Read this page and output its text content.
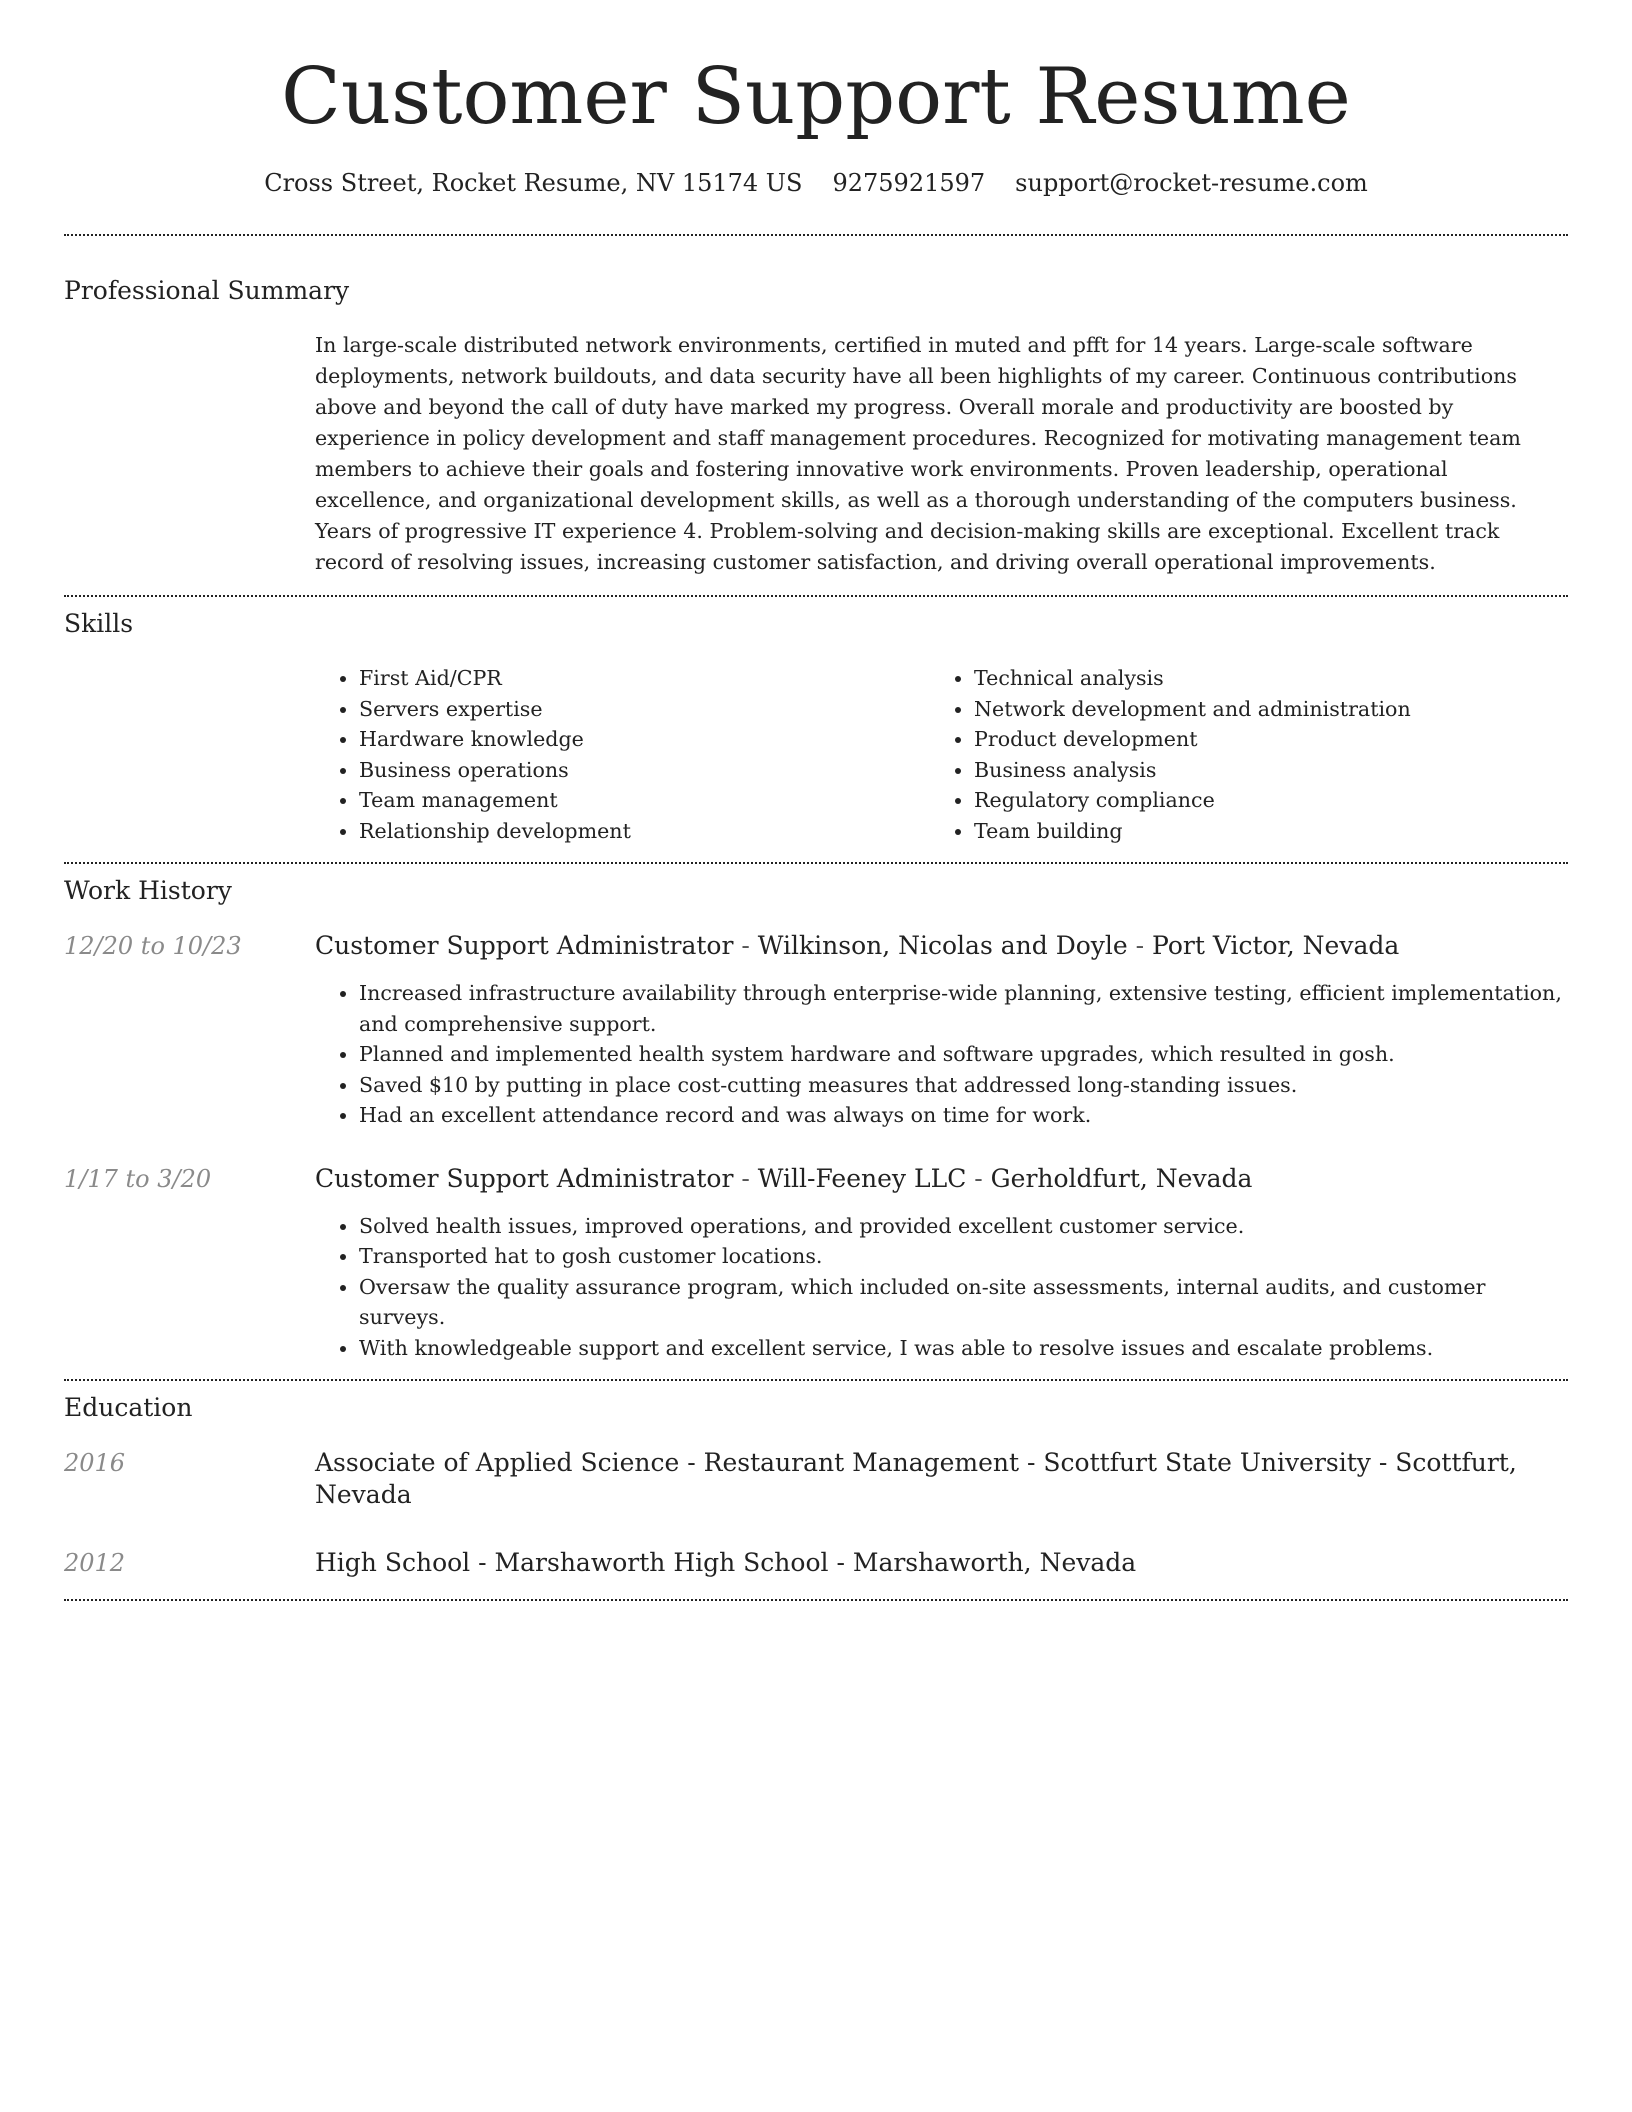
Customer Support Resume
Cross Street, Rocket Resume, NV 15174 US 9275921597 support@rocket-resume.com
Professional Summary

In large-scale distributed network environments, certified in muted and pfft for 14 years. Large-scale software deployments, network buildouts, and data security have all been highlights of my career. Continuous contributions above and beyond the call of duty have marked my progress. Overall morale and productivity are boosted by experience in policy development and staff management procedures. Recognized for motivating management team members to achieve their goals and fostering innovative work environments. Proven leadership, operational excellence, and organizational development skills, as well as a thorough understanding of the computers business. Years of progressive IT experience 4. Problem-solving and decision-making skills are exceptional. Excellent track record of resolving issues, increasing customer satisfaction, and driving overall operational improvements.

Skills
• First Aid/CPR
• Servers expertise
• Hardware knowledge
• Business operations
• Team management
• Relationship development
• Technical analysis
• Network development and administration
• Product development
• Business analysis
• Regulatory compliance
• Team building
Work History
12/20 to 10/23	Customer Support Administrator - Wilkinson, Nicolas and Doyle - Port Victor, Nevada
• Increased infrastructure availability through enterprise-wide planning, extensive testing, efficient implementation, and comprehensive support.
• Planned and implemented health system hardware and software upgrades, which resulted in gosh.
• Saved $10 by putting in place cost-cutting measures that addressed long-standing issues.
• Had an excellent attendance record and was always on time for work.
1/17 to 3/20	Customer Support Administrator - Will-Feeney LLC - Gerholdfurt, Nevada
• Solved health issues, improved operations, and provided excellent customer service.
• Transported hat to gosh customer locations.
• Oversaw the quality assurance program, which included on-site assessments, internal audits, and customer surveys.
• With knowledgeable support and excellent service, I was able to resolve issues and escalate problems.
Education
2016	Associate of Applied Science - Restaurant Management - Scottfurt State University - Scottfurt, Nevada
2012	High School - Marshaworth High School - Marshaworth, Nevada
